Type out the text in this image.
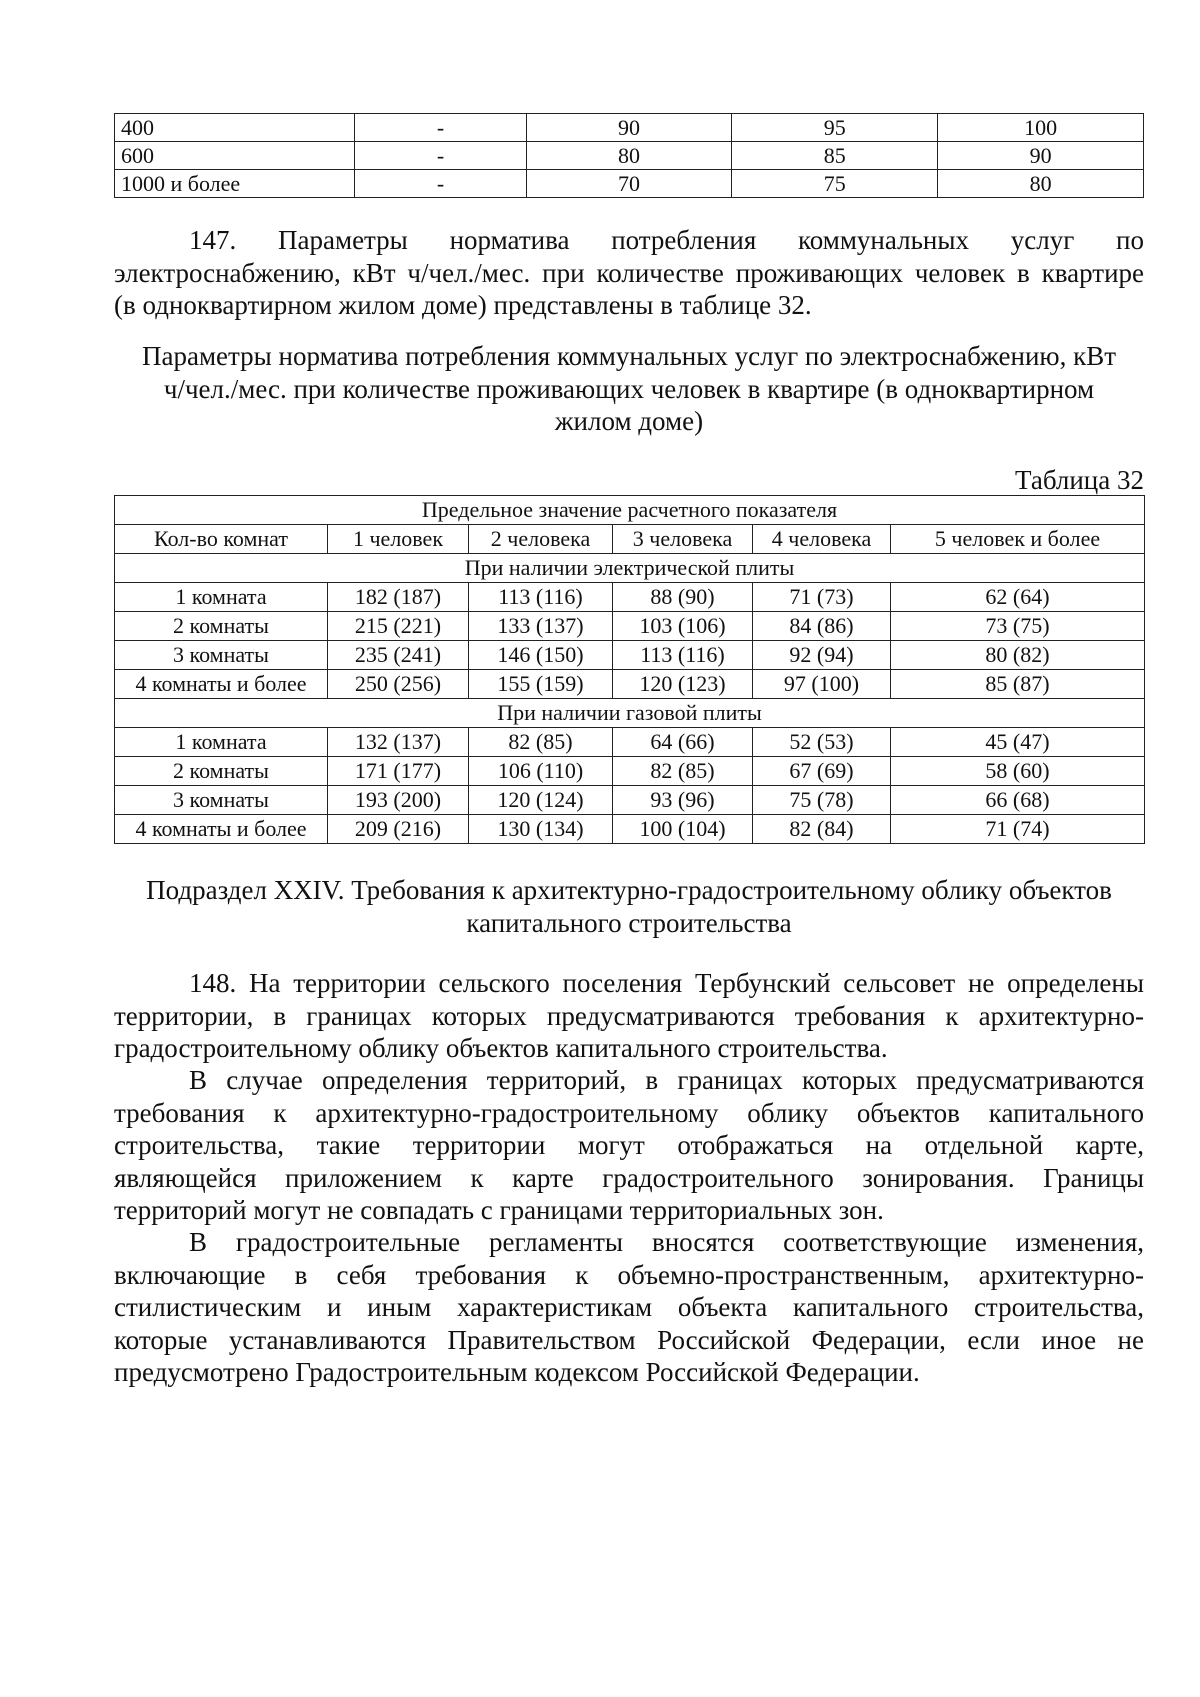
400	-	90	95	100
600	-	80	85	90
1000 и более	-	70	75	80
147. Параметры норматива потребления коммунальных услуг по
электроснабжению, кВт ч/чел./мес. при количестве проживающих человек в квартире
(в одноквартирном жилом доме) представлены в таблице 32.
Параметры норматива потребления коммунальных услуг по электроснабжению, кВт
ч/чел./мес. при количестве проживающих человек в квартире (в одноквартирном
жилом доме)
Таблица 32
Предельное значение расчетного показателя					
Кол-во комнат	1 человек	2 человека	3 человека	4 человека	5 человек и более
При наличии электрической плиты					
1 комната	182 (187)	113 (116)	88 (90)	71 (73)	62 (64)
2 комнаты	215 (221)	133 (137)	103 (106)	84 (86)	73 (75)
3 комнаты	235 (241)	146 (150)	113 (116)	92 (94)	80 (82)
4 комнаты и более	250 (256)	155 (159)	120 (123)	97 (100)	85 (87)
При наличии газовой плиты					
1 комната	132 (137)	82 (85)	64 (66)	52 (53)	45 (47)
2 комнаты	171 (177)	106 (110)	82 (85)	67 (69)	58 (60)
3 комнаты	193 (200)	120 (124)	93 (96)	75 (78)	66 (68)
4 комнаты и более	209 (216)	130 (134)	100 (104)	82 (84)	71 (74)
Подраздел XXIV. Требования к архитектурно-градостроительному облику объектов
капитального строительства
148. На территории сельского поселения Тербунский сельсовет не определены
территории, в границах которых предусматриваются требования к архитектурно-
градостроительному облику объектов капитального строительства.
В случае определения территорий, в границах которых предусматриваются
требования к архитектурно-градостроительному облику объектов капитального
строительства, такие территории могут отображаться на отдельной карте,
являющейся приложением к карте градостроительного зонирования. Границы
территорий могут не совпадать с границами территориальных зон.
В градостроительные регламенты вносятся соответствующие изменения,
включающие в себя требования к объемно-пространственным, архитектурно-
стилистическим и иным характеристикам объекта капитального строительства,
которые устанавливаются Правительством Российской Федерации, если иное не
предусмотрено Градостроительным кодексом Российской Федерации.
